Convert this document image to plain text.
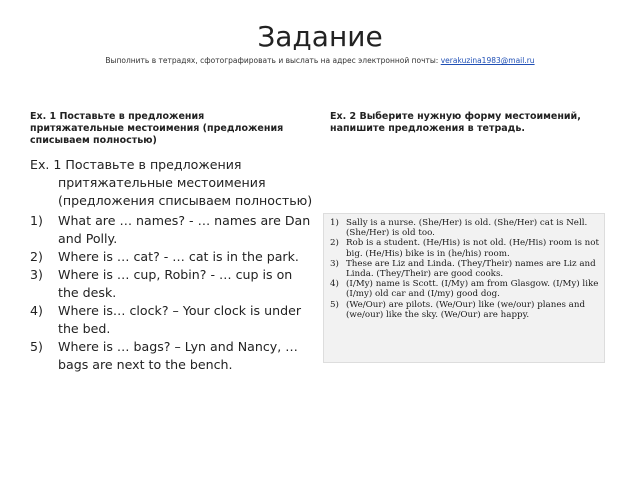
Задание
Выполнить в тетрадях, сфотографировать и выслать на адрес электронной почты: verakuzina1983@mail.ru
Ex. 1 Поставьте в предложения притяжательные местоимения (предложения списываем полностью)
Ex. 2 Выберите нужную форму местоимений, напишите предложения в тетрадь.

Ex. 1 Поставьте в предложения притяжательные местоимения (предложения списываем полностью)

1)	What are … names? - … names are Dan and Polly.
2)	Where is … cat? - … cat is in the park.
3)	Where is … cup, Robin? - … cup is on the desk.
4)	Where is… clock? – Your clock is under the bed.
5)	Where is … bags? – Lyn and Nancy, … bags are next to the bench.
1) Sally is a nurse. (She/Her) is old. (She/Her) cat is Nell. (She/Her) is old too.
2) Rob is a student. (He/His) is not old. (He/His) room is not big. (He/His) bike is in (he/his) room.
3) These are Liz and Linda. (They/Their) names are Liz and Linda. (They/Their) are good cooks.
4) (I/My) name is Scott. (I/My) am from Glasgow. (I/My) like (I/my) old car and (I/my) good dog.
5) (We/Our) are pilots. (We/Our) like (we/our) planes and (we/our) like the sky. (We/Our) are happy.
